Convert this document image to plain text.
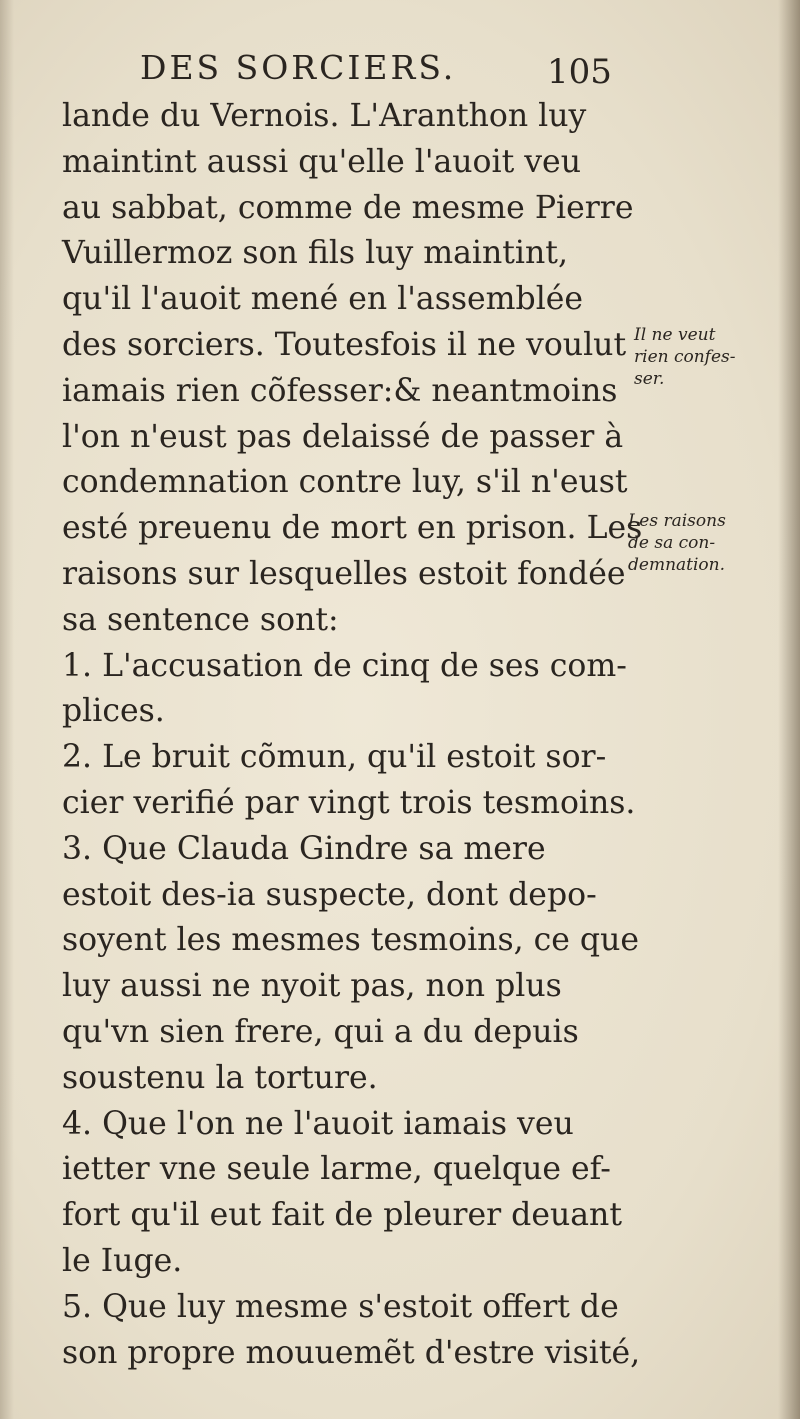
DES SORCIERS.	105
lande du Vernois. L'Aranthon luy
maintint aussi qu'elle l'auoit veu
au sabbat, comme de mesme Pierre
Vuillermoz son fils luy maintint,
qu'il l'auoit mené en l'assemblée
des sorciers. Toutesfois il ne voulut
iamais rien cõfesser:& neantmoins
l'on n'eust pas delaissé de passer à
condemnation contre luy, s'il n'eust
esté preuenu de mort en prison. Les
raisons sur lesquelles estoit fondée
sa sentence sont:
1. L'accusation de cinq de ses com-
plices.
2. Le bruit cõmun, qu'il estoit sor-
cier verifié par vingt trois tesmoins.
3. Que Clauda Gindre sa mere
estoit des-ia suspecte, dont depo-
soyent les mesmes tesmoins, ce que
luy aussi ne nyoit pas, non plus
qu'vn sien frere, qui a du depuis
soustenu la torture.
4. Que l'on ne l'auoit iamais veu
ietter vne seule larme, quelque ef-
fort qu'il eut fait de pleurer deuant
le Iuge.
5. Que luy mesme s'estoit offert de
son propre mouuemẽt d'estre visité,
Il ne veut
rien confes-
ser.
Les raisons
de sa con-
demnation.
